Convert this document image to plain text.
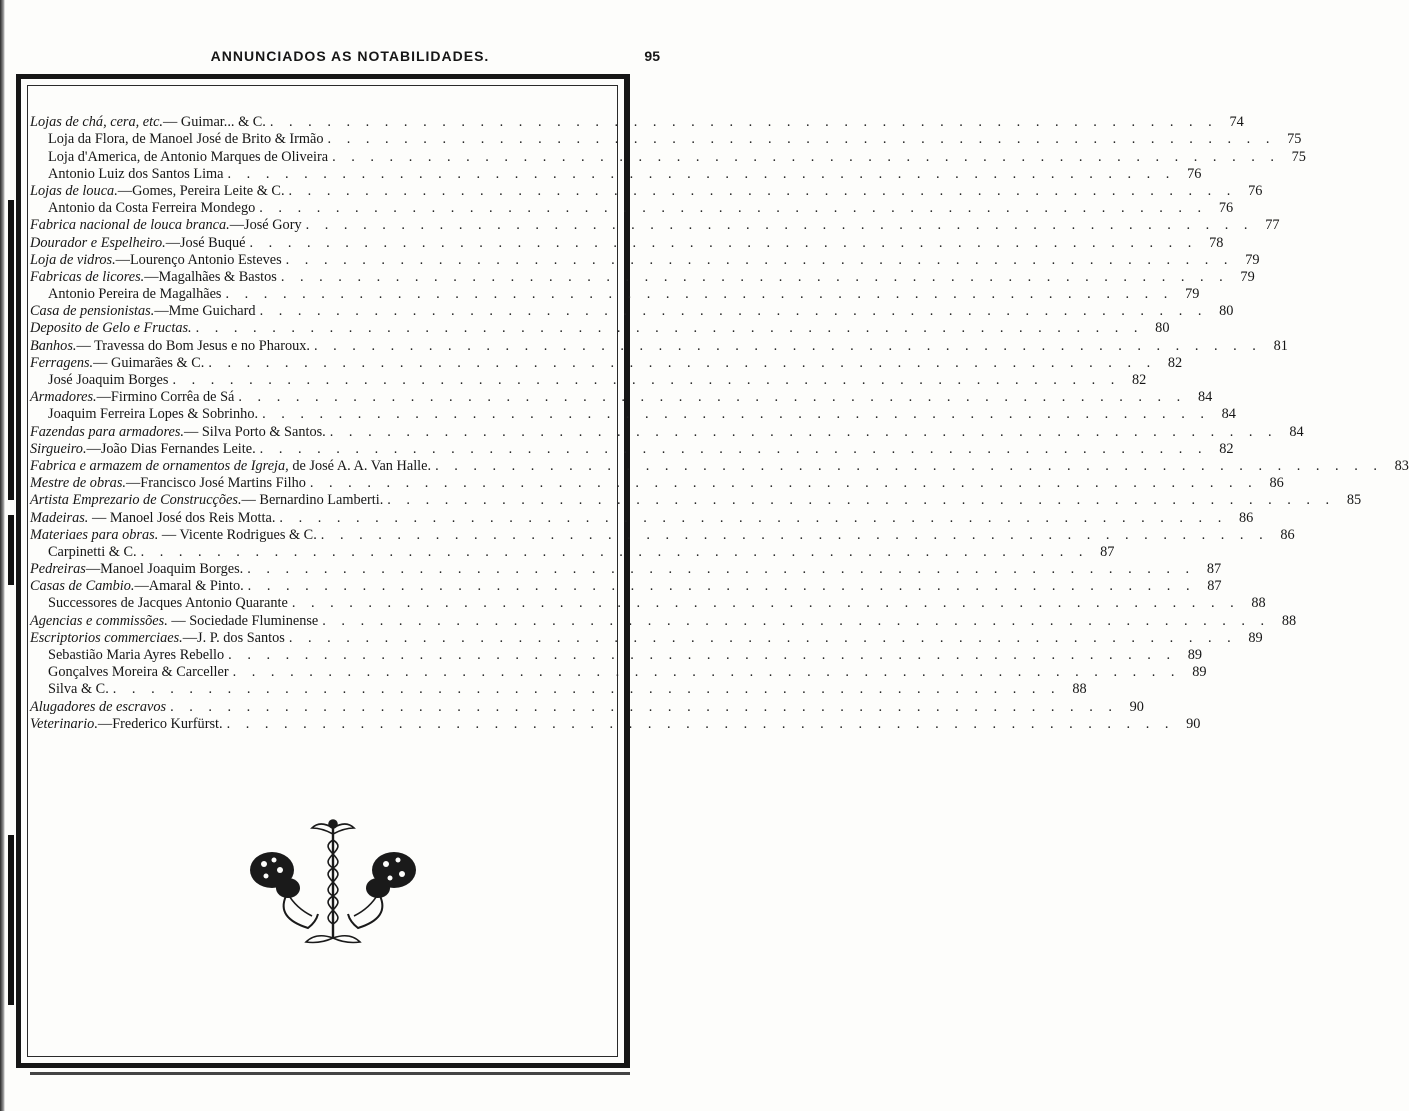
ANNUNCIADOS AS NOTABILIDADES.	95
Lojas de chá, cera, etc.— Guimar... & C. . . .	74
Loja da Flora, de Manoel José de Brito & Irmão . . .	75
Loja d'America, de Antonio Marques de Oliveira . . .	75
Antonio Luiz dos Santos Lima . . .	76
Lojas de louca.—Gomes, Pereira Leite & C. . . .	76
Antonio da Costa Ferreira Mondego . . .	76
Fabrica nacional de louca branca.—José Gory . . .	77
Dourador e Espelheiro.—José Buqué . . .	78
Loja de vidros.—Lourenço Antonio Esteves . . .	79
Fabricas de licores.—Magalhães & Bastos . . .	79
Antonio Pereira de Magalhães . . .	79
Casa de pensionistas.—Mme Guichard . . .	80
Deposito de Gelo e Fructas. . . .	80
Banhos.— Travessa do Bom Jesus e no Pharoux. . . .	81
Ferragens.— Guimarães & C. . . .	82
José Joaquim Borges . . .	82
Armadores.—Firmino Corrêa de Sá . . .	84
Joaquim Ferreira Lopes & Sobrinho. . . .	84
Fazendas para armadores.— Silva Porto & Santos. . . .	84
Sirgueiro.—João Dias Fernandes Leite. . . .	82
Fabrica e armazem de ornamentos de Igreja, de José A. A. Van Halle. . . .	83
Mestre de obras.—Francisco José Martins Filho . . .	86
Artista Emprezario de Construcções.— Bernardino Lamberti. . . .	85
Madeiras. — Manoel José dos Reis Motta. . . .	86
Materiaes para obras. — Vicente Rodrigues & C. . . .	86
Carpinetti & C. . . .	87
Pedreiras—Manoel Joaquim Borges. . . .	87
Casas de Cambio.—Amaral & Pinto. . . .	87
Successores de Jacques Antonio Quarante . . .	88
Agencias e commissões. — Sociedade Fluminense . . .	88
Escriptorios commerciaes.—J. P. dos Santos . . .	89
Sebastião Maria Ayres Rebello . . .	89
Gonçalves Moreira & Carceller . . .	89
Silva & C. . . .	88
Alugadores de escravos . . .	90
Veterinario.—Frederico Kurfürst. . . .	90
